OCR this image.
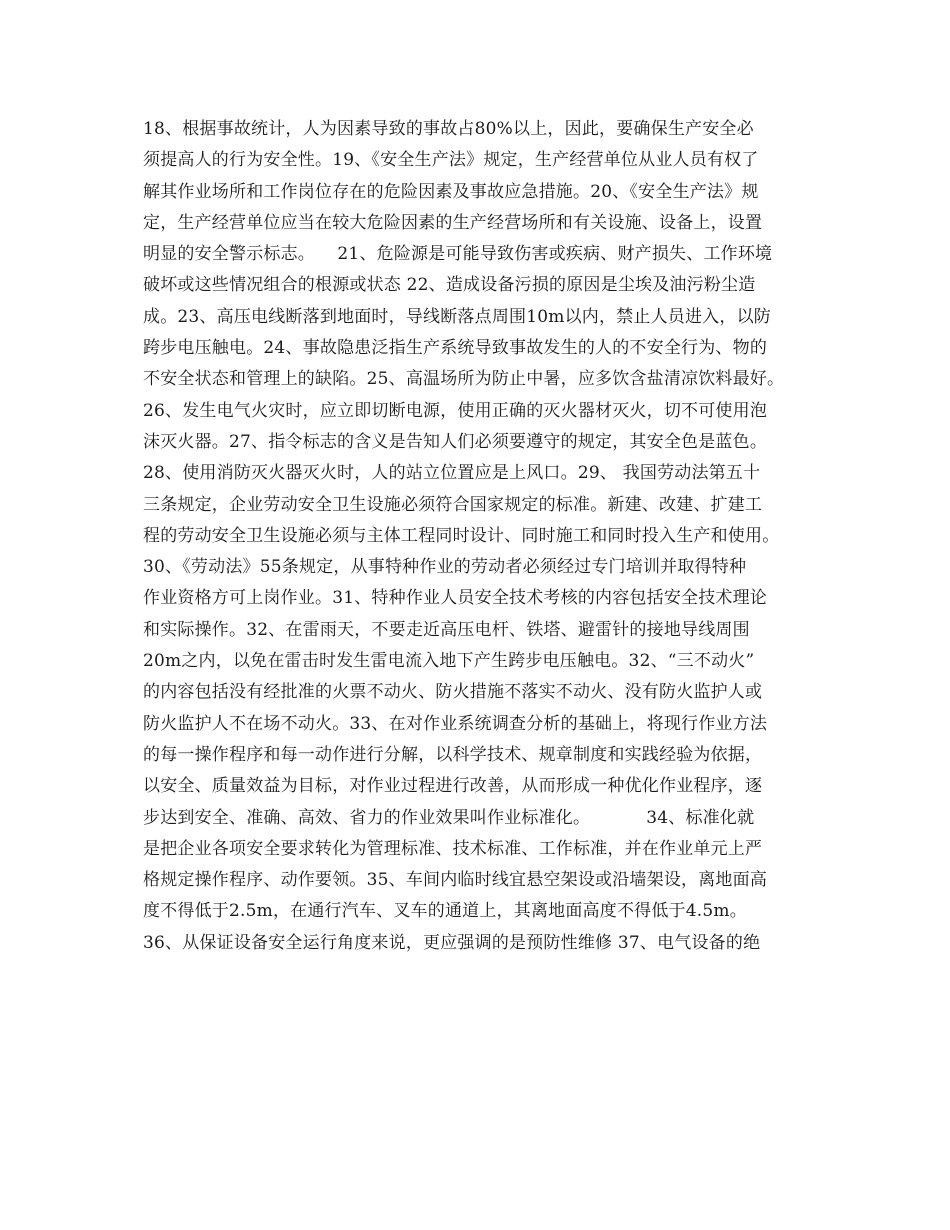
18、根据事故统计，人为因素导致的事故占80%以上，因此，要确保生产安全必
须提高人的行为安全性。19、《安全生产法》规定，生产经营单位从业人员有权了
解其作业场所和工作岗位存在的危险因素及事故应急措施。20、《安全生产法》规
定，生产经营单位应当在较大危险因素的生产经营场所和有关设施、设备上，设置
明显的安全警示标志。    21、危险源是可能导致伤害或疾病、财产损失、工作环境
破坏或这些情况组合的根源或状态 22、造成设备污损的原因是尘埃及油污粉尘造
成。23、高压电线断落到地面时，导线断落点周围10m以内，禁止人员进入，以防
跨步电压触电。24、事故隐患泛指生产系统导致事故发生的人的不安全行为、物的
不安全状态和管理上的缺陷。25、高温场所为防止中暑，应多饮含盐清凉饮料最好。
26、发生电气火灾时，应立即切断电源，使用正确的灭火器材灭火，切不可使用泡
沫灭火器。27、指令标志的含义是告知人们必须要遵守的规定，其安全色是蓝色。
28、使用消防灭火器灭火时，人的站立位置应是上风口。29、 我国劳动法第五十
三条规定，企业劳动安全卫生设施必须符合国家规定的标准。新建、改建、扩建工
程的劳动安全卫生设施必须与主体工程同时设计、同时施工和同时投入生产和使用。
30、《劳动法》55条规定，从事特种作业的劳动者必须经过专门培训并取得特种
作业资格方可上岗作业。31、特种作业人员安全技术考核的内容包括安全技术理论
和实际操作。32、在雷雨天，不要走近高压电杆、铁塔、避雷针的接地导线周围
20m之内，以免在雷击时发生雷电流入地下产生跨步电压触电。32、“三不动火”
的内容包括没有经批准的火票不动火、防火措施不落实不动火、没有防火监护人或
防火监护人不在场不动火。33、在对作业系统调查分析的基础上，将现行作业方法
的每一操作程序和每一动作进行分解，以科学技术、规章制度和实践经验为依据，
以安全、质量效益为目标，对作业过程进行改善，从而形成一种优化作业程序，逐
步达到安全、准确、高效、省力的作业效果叫作业标准化。          34、标准化就
是把企业各项安全要求转化为管理标准、技术标准、工作标准，并在作业单元上严
格规定操作程序、动作要领。35、车间内临时线宜悬空架设或沿墙架设，离地面高
度不得低于2.5m，在通行汽车、叉车的通道上，其离地面高度不得低于4.5m。
36、从保证设备安全运行角度来说，更应强调的是预防性维修 37、电气设备的绝
